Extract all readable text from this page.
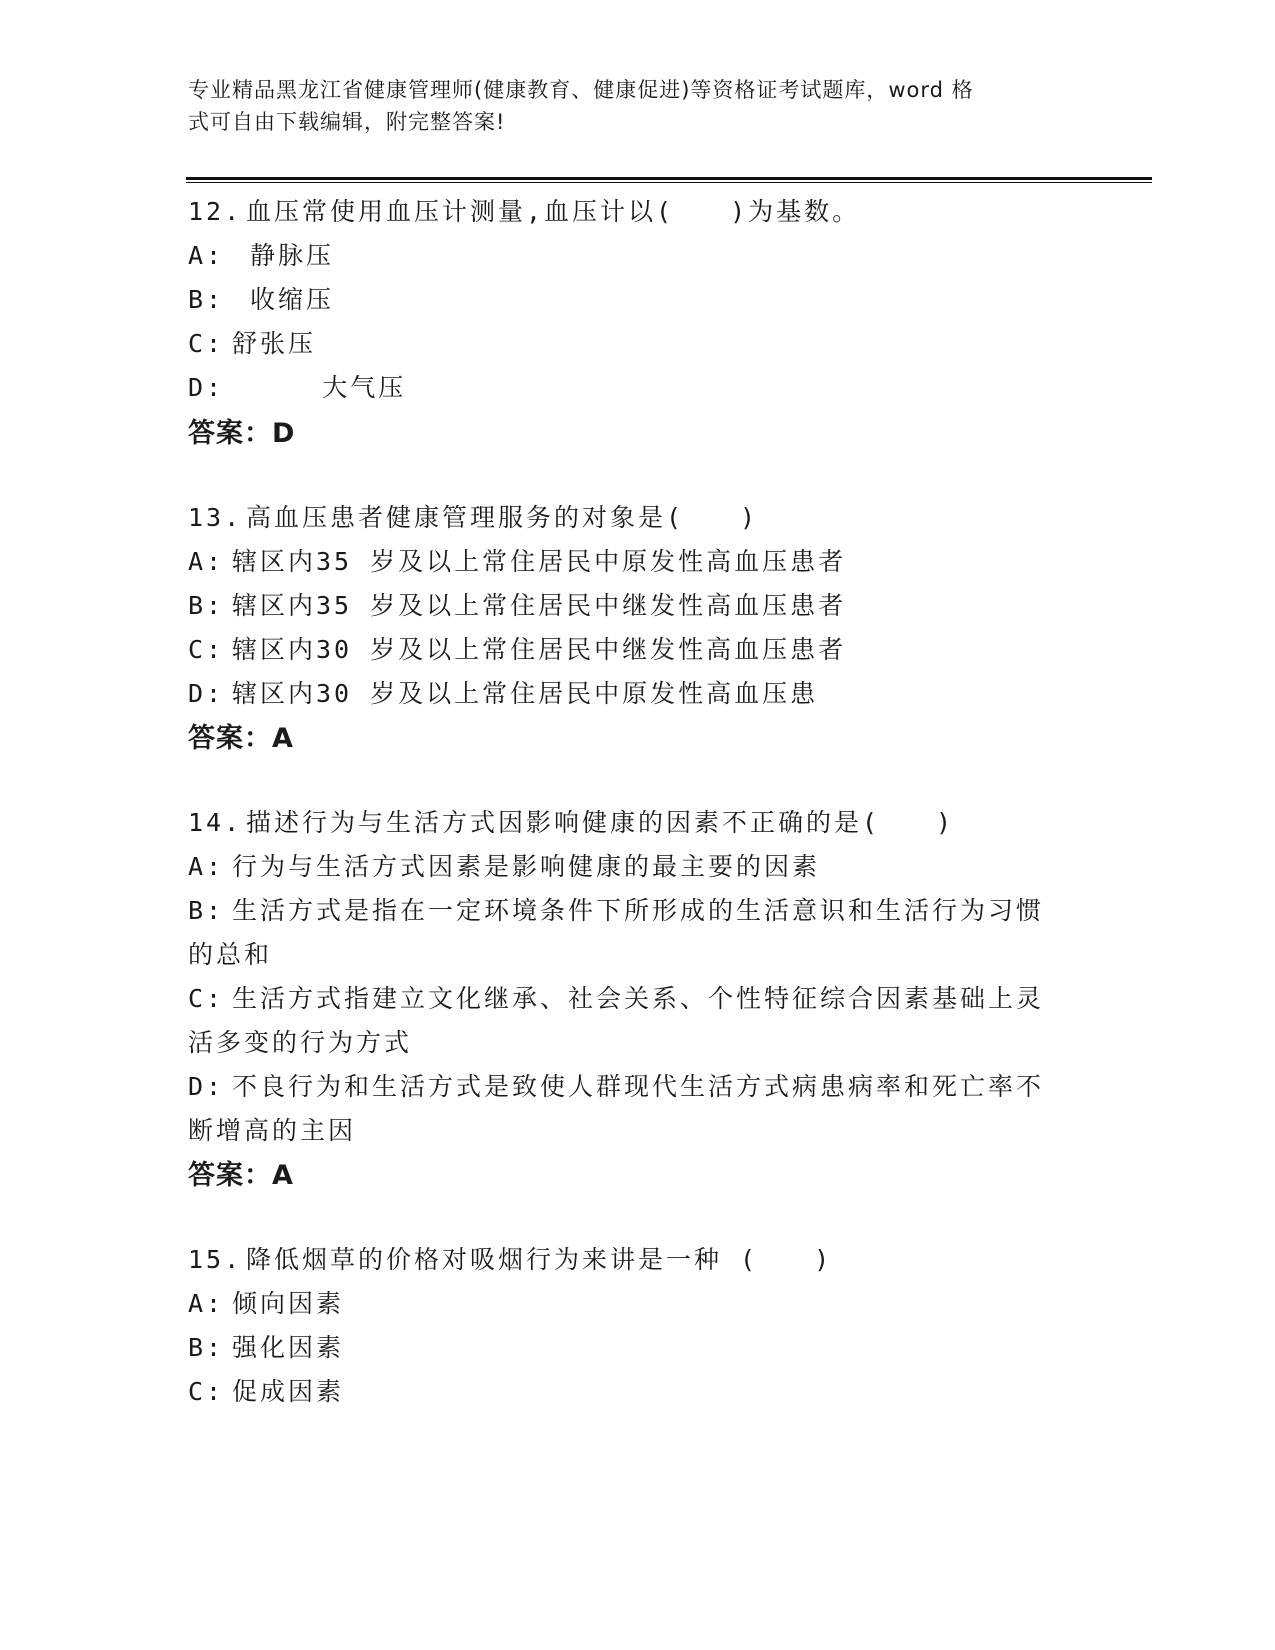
专业精品黑龙江省健康管理师(健康教育、健康促进)等资格证考试题库，word 格
式可自由下载编辑，附完整答案!
12. 血压常使用血压计测量,血压计以(　　)为基数。
A: 静脉压
B: 收缩压
C: 舒张压
D:     大气压
答案：D
13. 高血压患者健康管理服务的对象是(　　)
A: 辖区内35 岁及以上常住居民中原发性高血压患者
B: 辖区内35 岁及以上常住居民中继发性高血压患者
C: 辖区内30 岁及以上常住居民中继发性高血压患者
D: 辖区内30 岁及以上常住居民中原发性高血压患
答案：A
14. 描述行为与生活方式因影响健康的因素不正确的是(　　)
A: 行为与生活方式因素是影响健康的最主要的因素
B: 生活方式是指在一定环境条件下所形成的生活意识和生活行为习惯
的总和
C: 生活方式指建立文化继承、社会关系、个性特征综合因素基础上灵
活多变的行为方式
D: 不良行为和生活方式是致使人群现代生活方式病患病率和死亡率不
断增高的主因
答案：A
15. 降低烟草的价格对吸烟行为来讲是一种 (　　)
A: 倾向因素
B: 强化因素
C: 促成因素
